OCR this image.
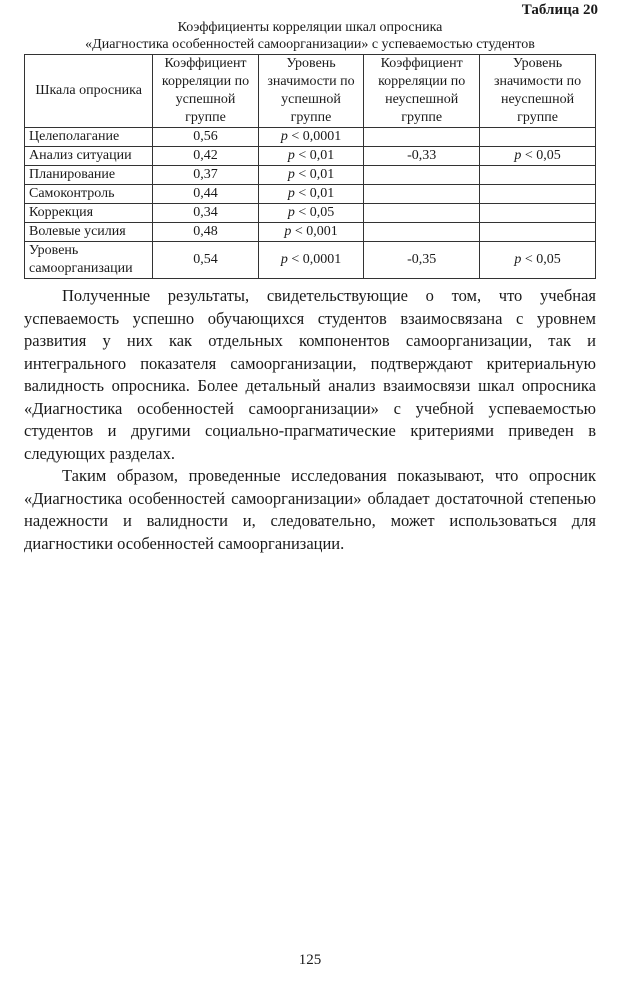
Таблица 20
Коэффициенты корреляции шкал опросника
«Диагностика особенностей самоорганизации» с успеваемостью студентов
Шкала опросника	Коэффициент корреляции по успешной группе	Уровень значимости по успешной группе	Коэффициент корреляции по неуспешной группе	Уровень значимости по неуспешной группе
Целеполагание	0,56	p < 0,0001		
Анализ ситуации	0,42	p < 0,01	-0,33	p < 0,05
Планирование	0,37	p < 0,01		
Самоконтроль	0,44	p < 0,01		
Коррекция	0,34	p < 0,05		
Волевые усилия	0,48	p < 0,001		
Уровень самоорганизации	0,54	p < 0,0001	-0,35	p < 0,05

Полученные результаты, свидетельствующие о том, что учебная успеваемость успешно обучающихся студентов взаимосвязана с уровнем развития у них как отдельных компонентов самоорганизации, так и интегрального показателя самоорганизации, подтверждают критериальную валидность опросника. Более детальный анализ взаимосвязи шкал опросника «Диагностика особенностей самоорганизации» с учебной успеваемостью студентов и другими социально-прагматические критериями приведен в следующих разделах.

Таким образом, проведенные исследования показывают, что опросник «Диагностика особенностей самоорганизации» обладает достаточной степенью надежности и валидности и, следовательно, может использоваться для диагностики особенностей самоорганизации.

125
